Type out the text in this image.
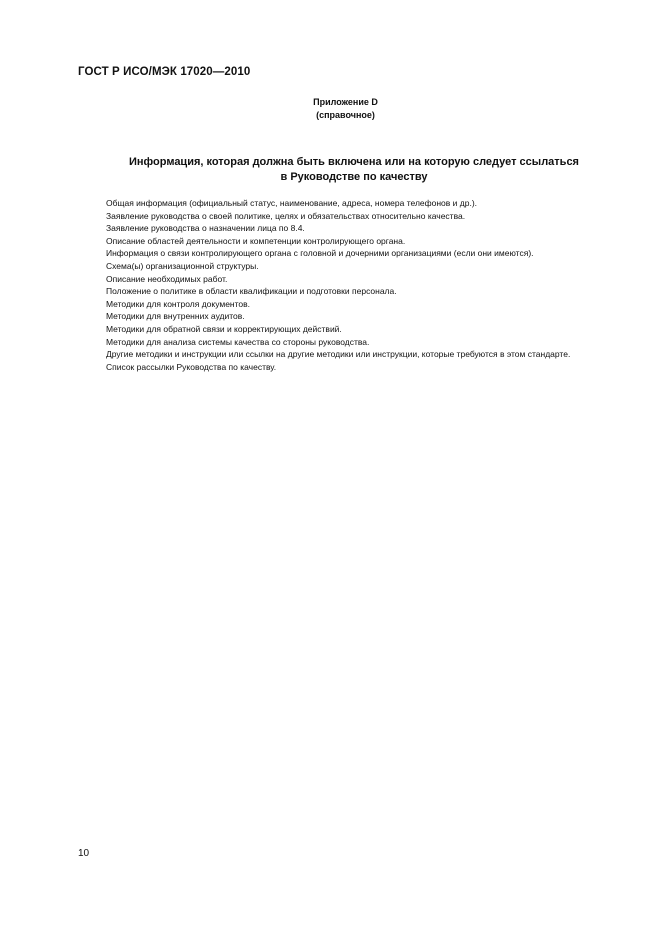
ГОСТ Р ИСО/МЭК 17020—2010
Приложение D
(справочное)
Информация, которая должна быть включена или на которую следует ссылаться
в Руководстве по качеству
Общая информация (официальный статус, наименование, адреса, номера телефонов и др.).
Заявление руководства о своей политике, целях и обязательствах относительно качества.
Заявление руководства о назначении лица по 8.4.
Описание областей деятельности и компетенции контролирующего органа.
Информация о связи контролирующего органа с головной и дочерними организациями (если они имеются).
Схема(ы) организационной структуры.
Описание необходимых работ.
Положение о политике в области квалификации и подготовки персонала.
Методики для контроля документов.
Методики для внутренних аудитов.
Методики для обратной связи и корректирующих действий.
Методики для анализа системы качества со стороны руководства.
Другие методики и инструкции или ссылки на другие методики или инструкции, которые требуются в этом стандарте.
Список рассылки Руководства по качеству.
10
